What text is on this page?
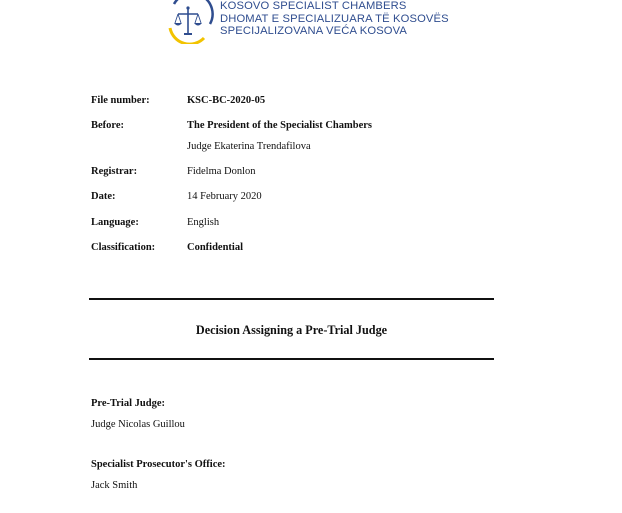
KOSOVO SPECIALIST CHAMBERS
DHOMAT E SPECIALIZUARA TË KOSOVËS
SPECIJALIZOVANA VEĆA KOSOVA
File number:	KSC-BC-2020-05
Before:	The President of the Specialist Chambers
Judge Ekaterina Trendafilova
Registrar:	Fidelma Donlon
Date:	14 February 2020
Language:	English
Classification:	Confidential
Decision Assigning a Pre-Trial Judge
Pre-Trial Judge:
Judge Nicolas Guillou
Specialist Prosecutor's Office:
Jack Smith
